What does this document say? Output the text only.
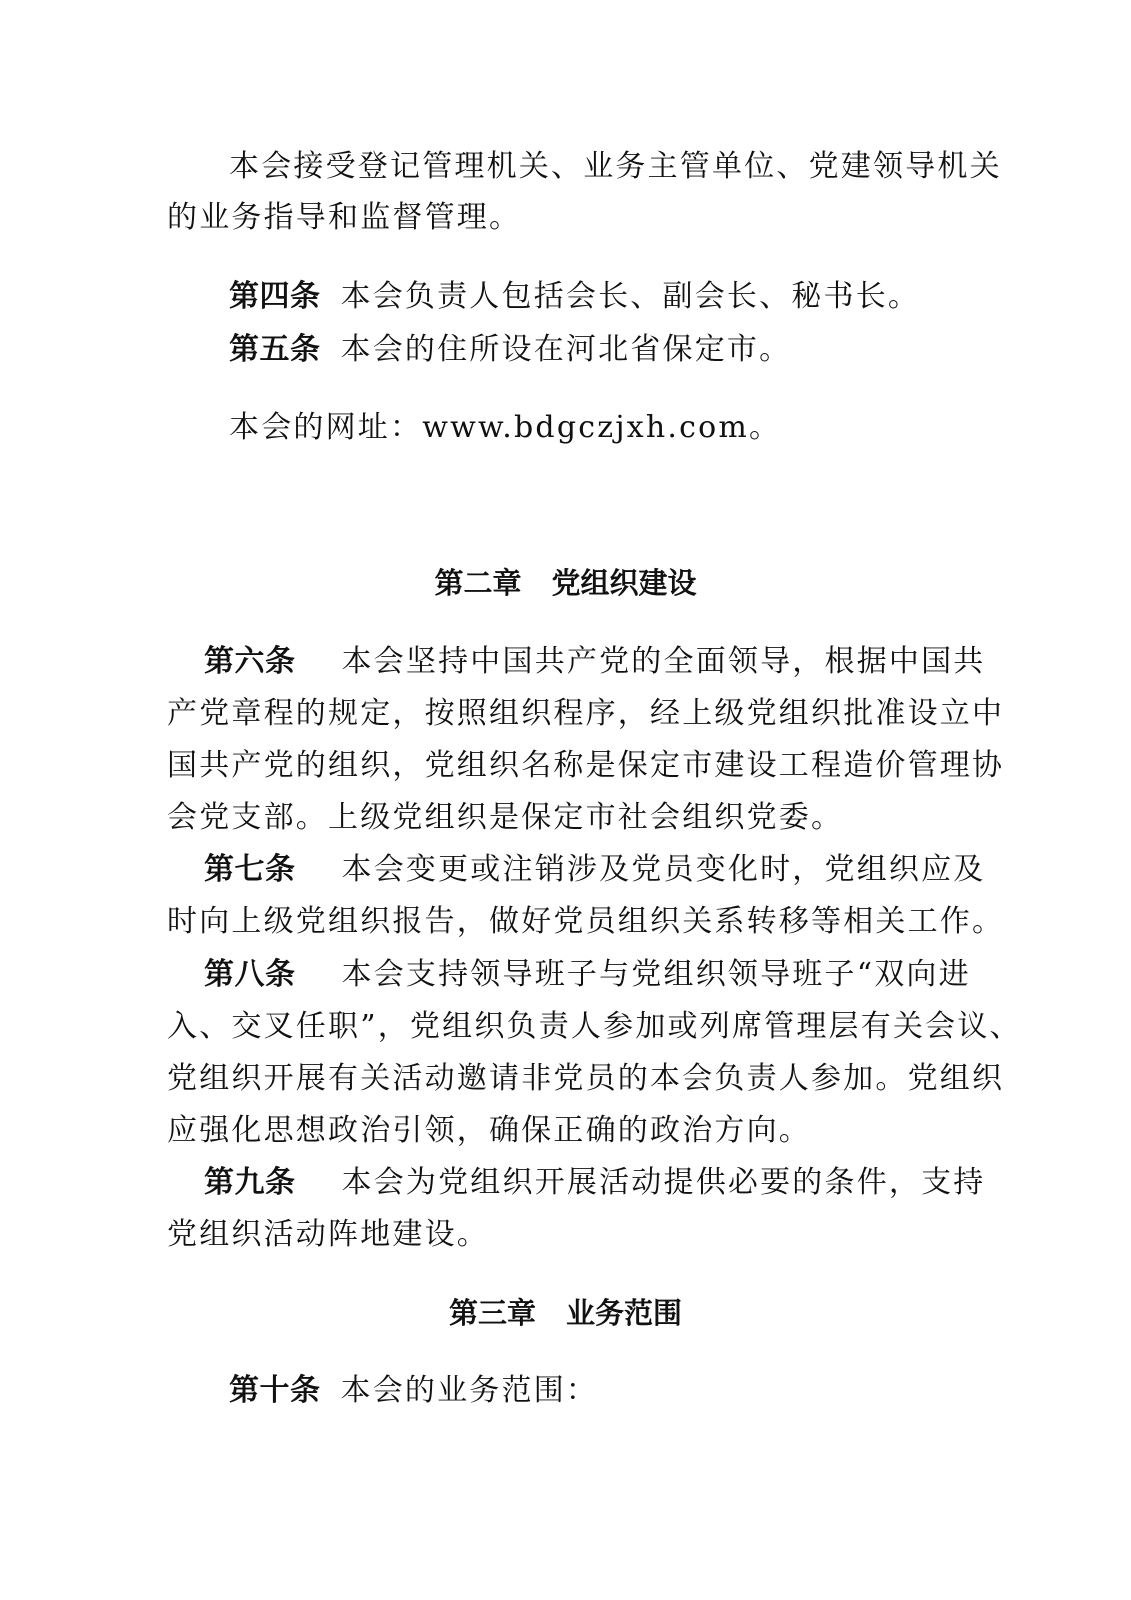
本会接受登记管理机关、业务主管单位、党建领导机关
的业务指导和监督管理。
第四条 本会负责人包括会长、副会长、秘书长。
第五条 本会的住所设在河北省保定市。
本会的网址：www.bdgczjxh.com。
第二章 党组织建设
第六条 本会坚持中国共产党的全面领导，根据中国共
产党章程的规定，按照组织程序，经上级党组织批准设立中
国共产党的组织，党组织名称是保定市建设工程造价管理协
会党支部。上级党组织是保定市社会组织党委。
第七条 本会变更或注销涉及党员变化时，党组织应及
时向上级党组织报告，做好党员组织关系转移等相关工作。
第八条 本会支持领导班子与党组织领导班子“双向进
入、交叉任职”，党组织负责人参加或列席管理层有关会议、
党组织开展有关活动邀请非党员的本会负责人参加。党组织
应强化思想政治引领，确保正确的政治方向。
第九条 本会为党组织开展活动提供必要的条件，支持
党组织活动阵地建设。
第三章 业务范围
第十条 本会的业务范围：
